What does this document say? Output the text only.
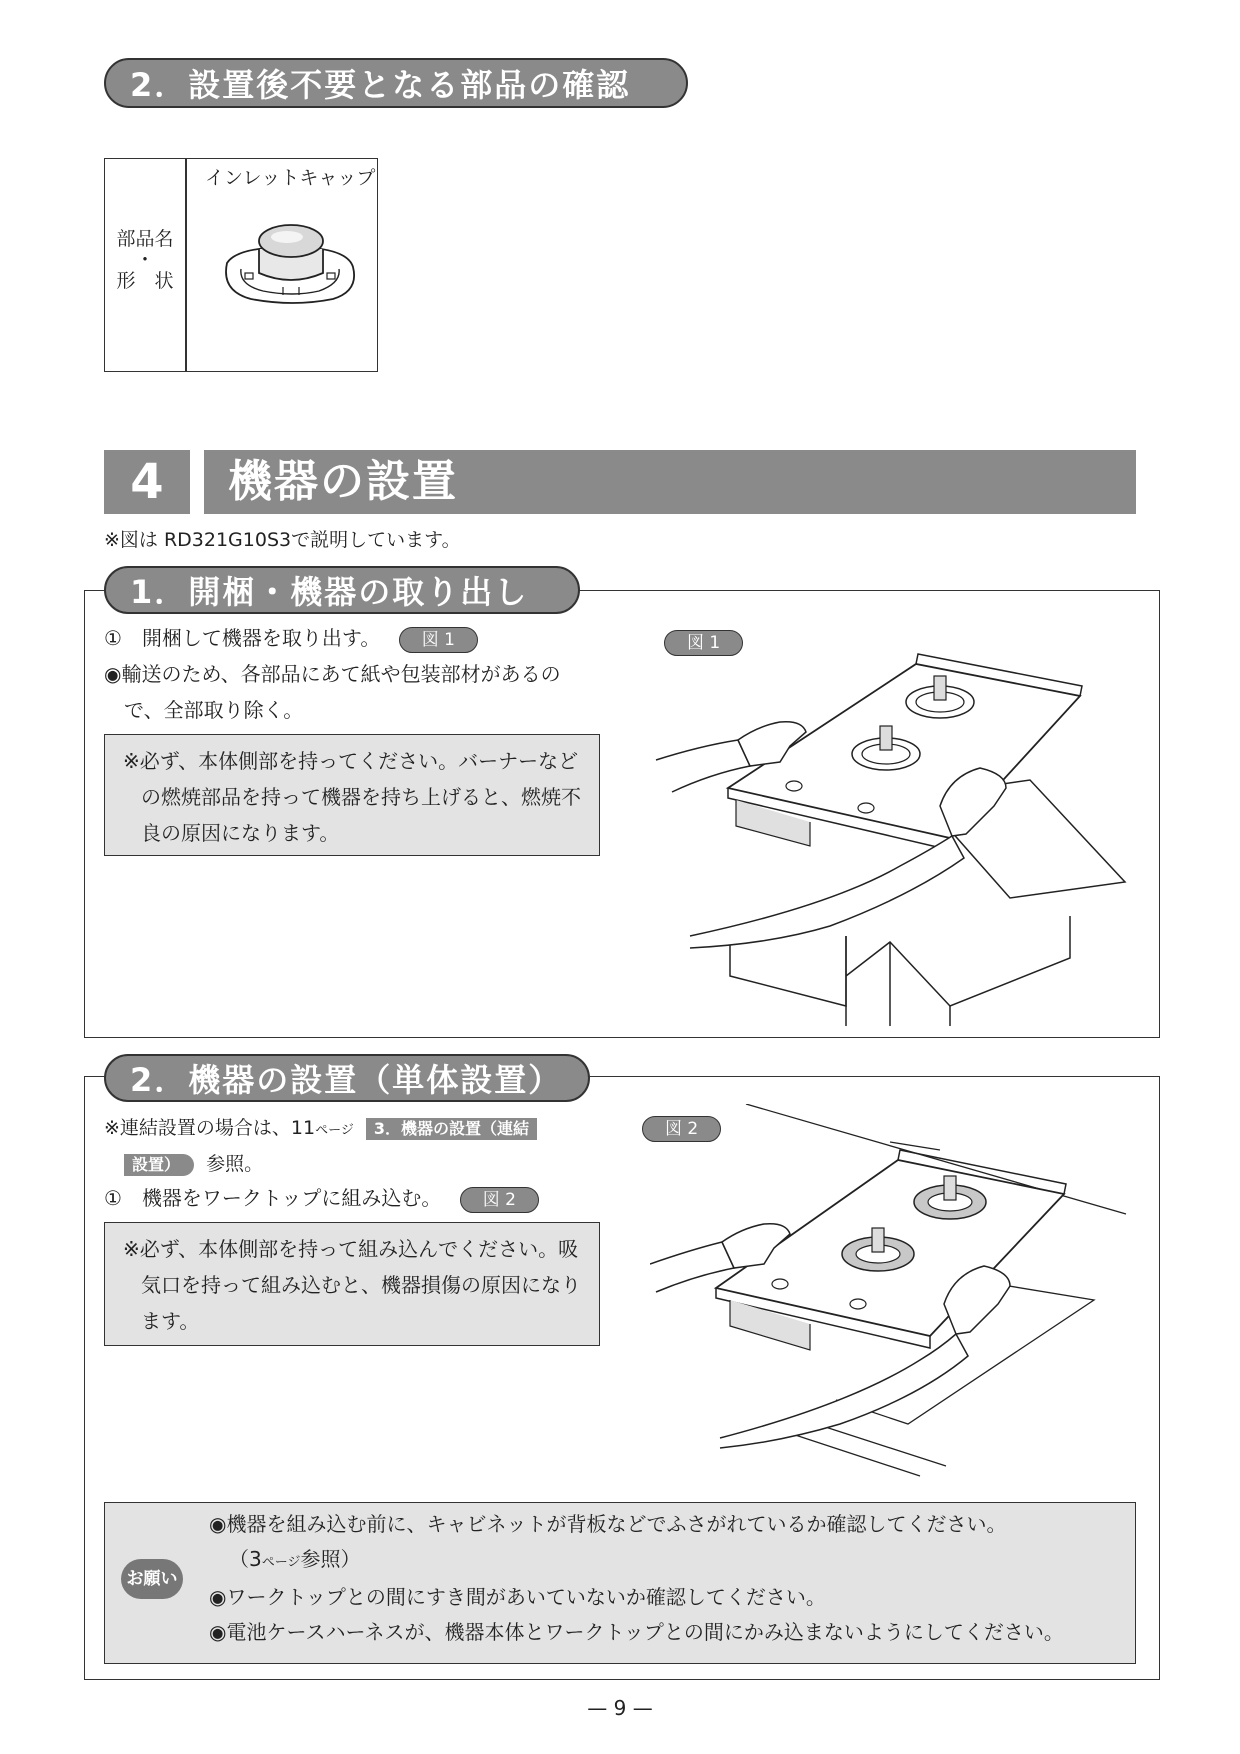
2．設置後不要となる部品の確認
部品名
・
形　状
インレットキャップ
4	機器の設置
※図は RD321G10S3で説明しています。
1．開梱・機器の取り出し
① 開梱して機器を取り出す。 図 1
◉輸送のため、各部品にあて紙や包装部材があるの
で、全部取り除く。
※必ず、本体側部を持ってください。バーナーなどの燃焼部品を持って機器を持ち上げると、燃焼不良の原因になります。
図 1
2．機器の設置（単体設置）
※連結設置の場合は、11ページ 3．機器の設置（連結
設置） 参照。
① 機器をワークトップに組み込む。 図 2
※必ず、本体側部を持って組み込んでください。吸気口を持って組み込むと、機器損傷の原因になります。
図 2
お願い
◉機器を組み込む前に、キャビネットが背板などでふさがれているか確認してください。
（3ページ参照）
◉ワークトップとの間にすき間があいていないか確認してください。
◉電池ケースハーネスが、機器本体とワークトップとの間にかみ込まないようにしてください。
— 9 —
